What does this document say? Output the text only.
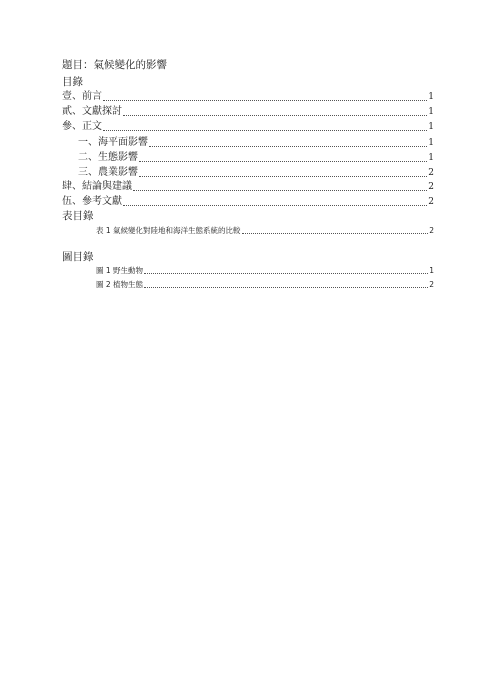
題目：氣候變化的影響
目錄
壹、前言	1
貳、文獻探討	1
參、正文	1
一、海平面影響	1
二、生態影響	1
三、農業影響	2
肆、結論與建議	2
伍、參考文獻	2
表目錄
表 1 氣候變化對陸地和海洋生態系統的比較	2
圖目錄
圖 1 野生動物	1
圖 2 植物生態	2
